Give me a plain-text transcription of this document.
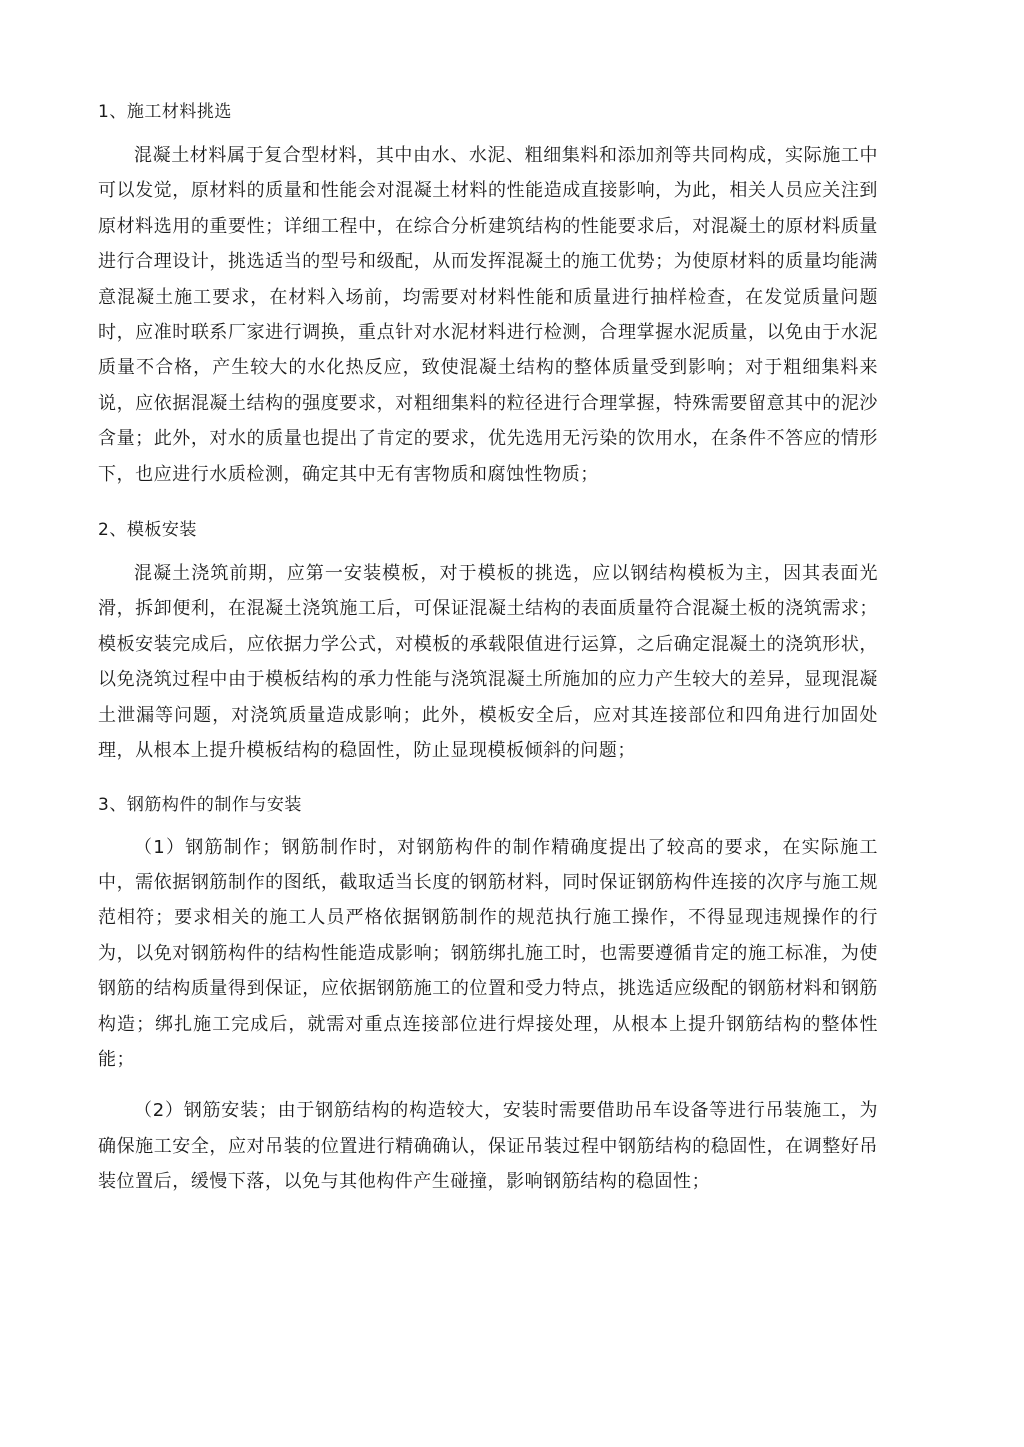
1、施工材料挑选

混凝土材料属于复合型材料，其中由水、水泥、粗细集料和添加剂等共同构成，实际施工中可以发觉，原材料的质量和性能会对混凝土材料的性能造成直接影响，为此，相关人员应关注到原材料选用的重要性；详细工程中，在综合分析建筑结构的性能要求后，对混凝土的原材料质量进行合理设计，挑选适当的型号和级配，从而发挥混凝土的施工优势；为使原材料的质量均能满意混凝土施工要求，在材料入场前，均需要对材料性能和质量进行抽样检查，在发觉质量问题时，应准时联系厂家进行调换，重点针对水泥材料进行检测，合理掌握水泥质量，以免由于水泥质量不合格，产生较大的水化热反应，致使混凝土结构的整体质量受到影响；对于粗细集料来说，应依据混凝土结构的强度要求，对粗细集料的粒径进行合理掌握，特殊需要留意其中的泥沙含量；此外，对水的质量也提出了肯定的要求，优先选用无污染的饮用水，在条件不答应的情形下，也应进行水质检测，确定其中无有害物质和腐蚀性物质；

2、模板安装

混凝土浇筑前期，应第一安装模板，对于模板的挑选，应以钢结构模板为主，因其表面光滑，拆卸便利，在混凝土浇筑施工后，可保证混凝土结构的表面质量符合混凝土板的浇筑需求；模板安装完成后，应依据力学公式，对模板的承载限值进行运算，之后确定混凝土的浇筑形状，以免浇筑过程中由于模板结构的承力性能与浇筑混凝土所施加的应力产生较大的差异，显现混凝土泄漏等问题，对浇筑质量造成影响；此外，模板安全后，应对其连接部位和四角进行加固处理，从根本上提升模板结构的稳固性，防止显现模板倾斜的问题；

3、钢筋构件的制作与安装

（1）钢筋制作；钢筋制作时，对钢筋构件的制作精确度提出了较高的要求，在实际施工中，需依据钢筋制作的图纸，截取适当长度的钢筋材料，同时保证钢筋构件连接的次序与施工规范相符；要求相关的施工人员严格依据钢筋制作的规范执行施工操作，不得显现违规操作的行为，以免对钢筋构件的结构性能造成影响；钢筋绑扎施工时，也需要遵循肯定的施工标准，为使钢筋的结构质量得到保证，应依据钢筋施工的位置和受力特点，挑选适应级配的钢筋材料和钢筋构造；绑扎施工完成后，就需对重点连接部位进行焊接处理，从根本上提升钢筋结构的整体性能；

（2）钢筋安装；由于钢筋结构的构造较大，安装时需要借助吊车设备等进行吊装施工，为确保施工安全，应对吊装的位置进行精确确认，保证吊装过程中钢筋结构的稳固性，在调整好吊装位置后，缓慢下落，以免与其他构件产生碰撞，影响钢筋结构的稳固性；
